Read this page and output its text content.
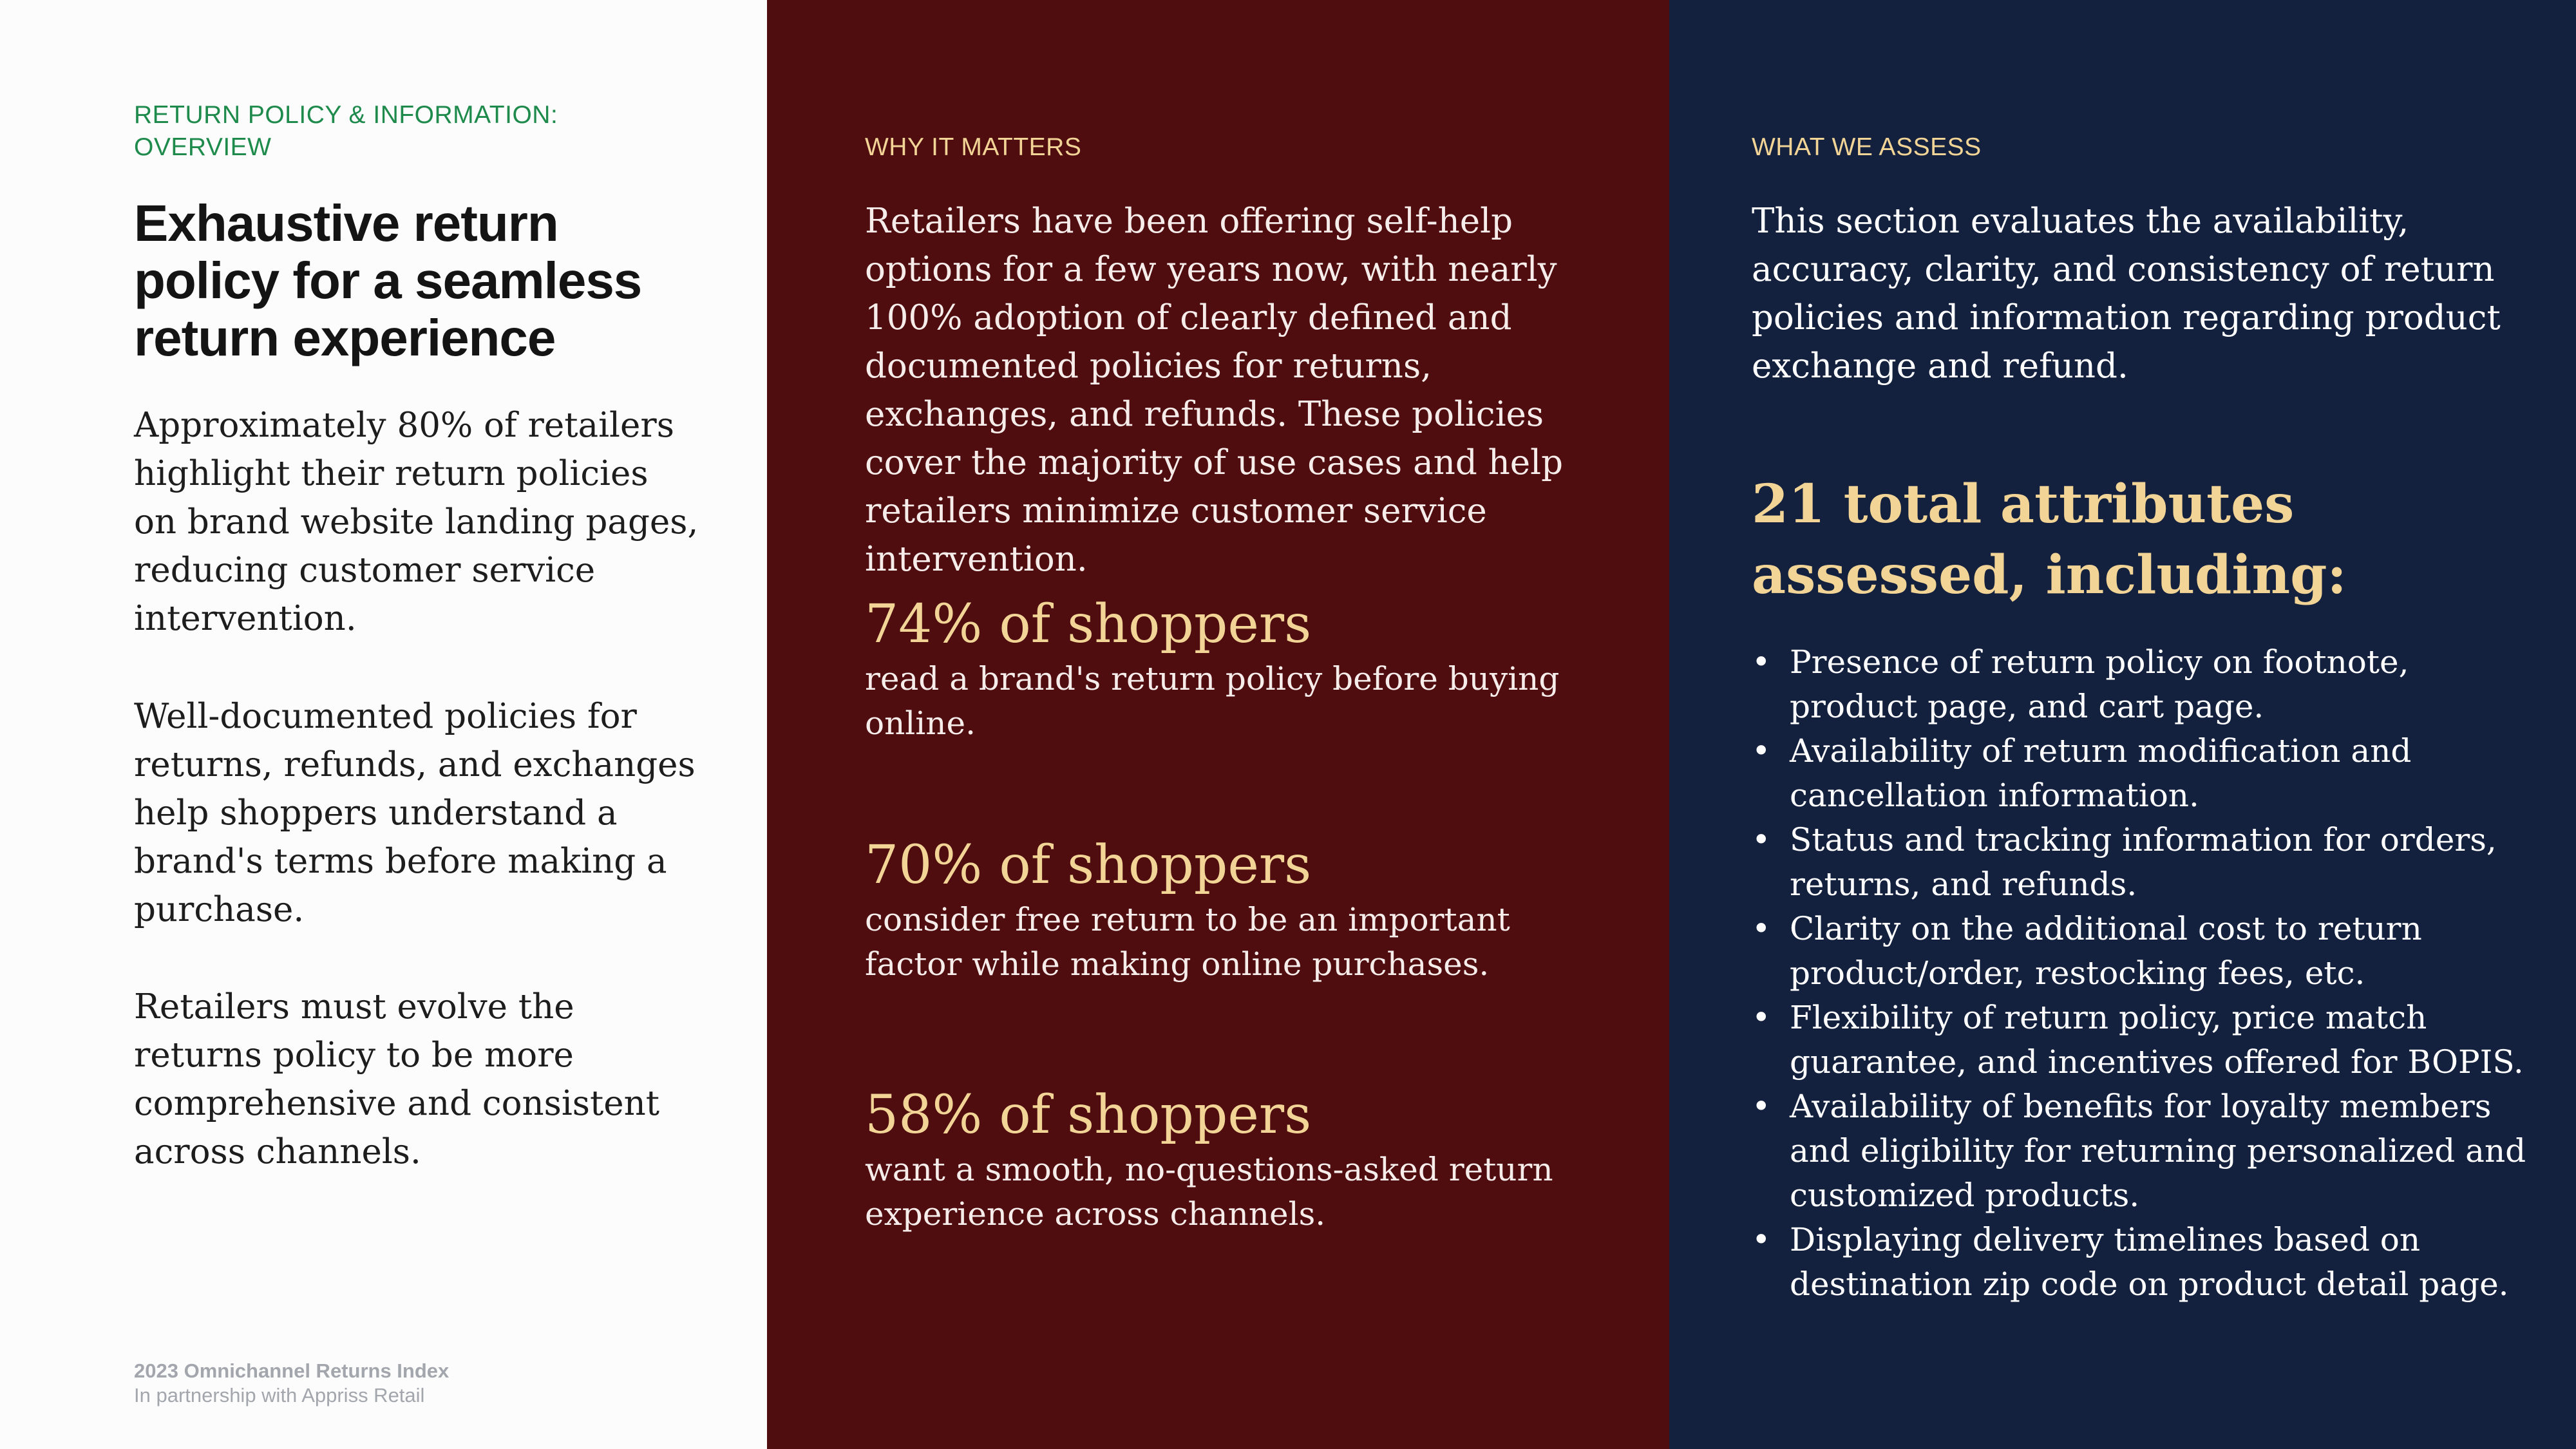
RETURN POLICY & INFORMATION: OVERVIEW

Exhaustive return policy for a seamless return experience

Approximately 80% of retailers highlight their return policies on brand website landing pages, reducing customer service intervention.

Well-documented policies for returns, refunds, and exchanges help shoppers understand a brand's terms before making a purchase.

Retailers must evolve the returns policy to be more comprehensive and consistent across channels.

2023 Omnichannel Returns Index
In partnership with Appriss Retail

WHY IT MATTERS

Retailers have been offering self-help options for a few years now, with nearly 100% adoption of clearly defined and documented policies for returns, exchanges, and refunds. These policies cover the majority of use cases and help retailers minimize customer service intervention.

74% of shoppers

read a brand's return policy before buying online.

70% of shoppers

consider free return to be an important factor while making online purchases.

58% of shoppers

want a smooth, no-questions-asked return experience across channels.

WHAT WE ASSESS

This section evaluates the availability, accuracy, clarity, and consistency of return policies and information regarding product exchange and refund.

21 total attributes assessed, including:
• Presence of return policy on footnote, product page, and cart page.
• Availability of return modification and cancellation information.
• Status and tracking information for orders, returns, and refunds.
• Clarity on the additional cost to return product/order, restocking fees, etc.
• Flexibility of return policy, price match guarantee, and incentives offered for BOPIS.
• Availability of benefits for loyalty members and eligibility for returning personalized and customized products.
• Displaying delivery timelines based on destination zip code on product detail page.
